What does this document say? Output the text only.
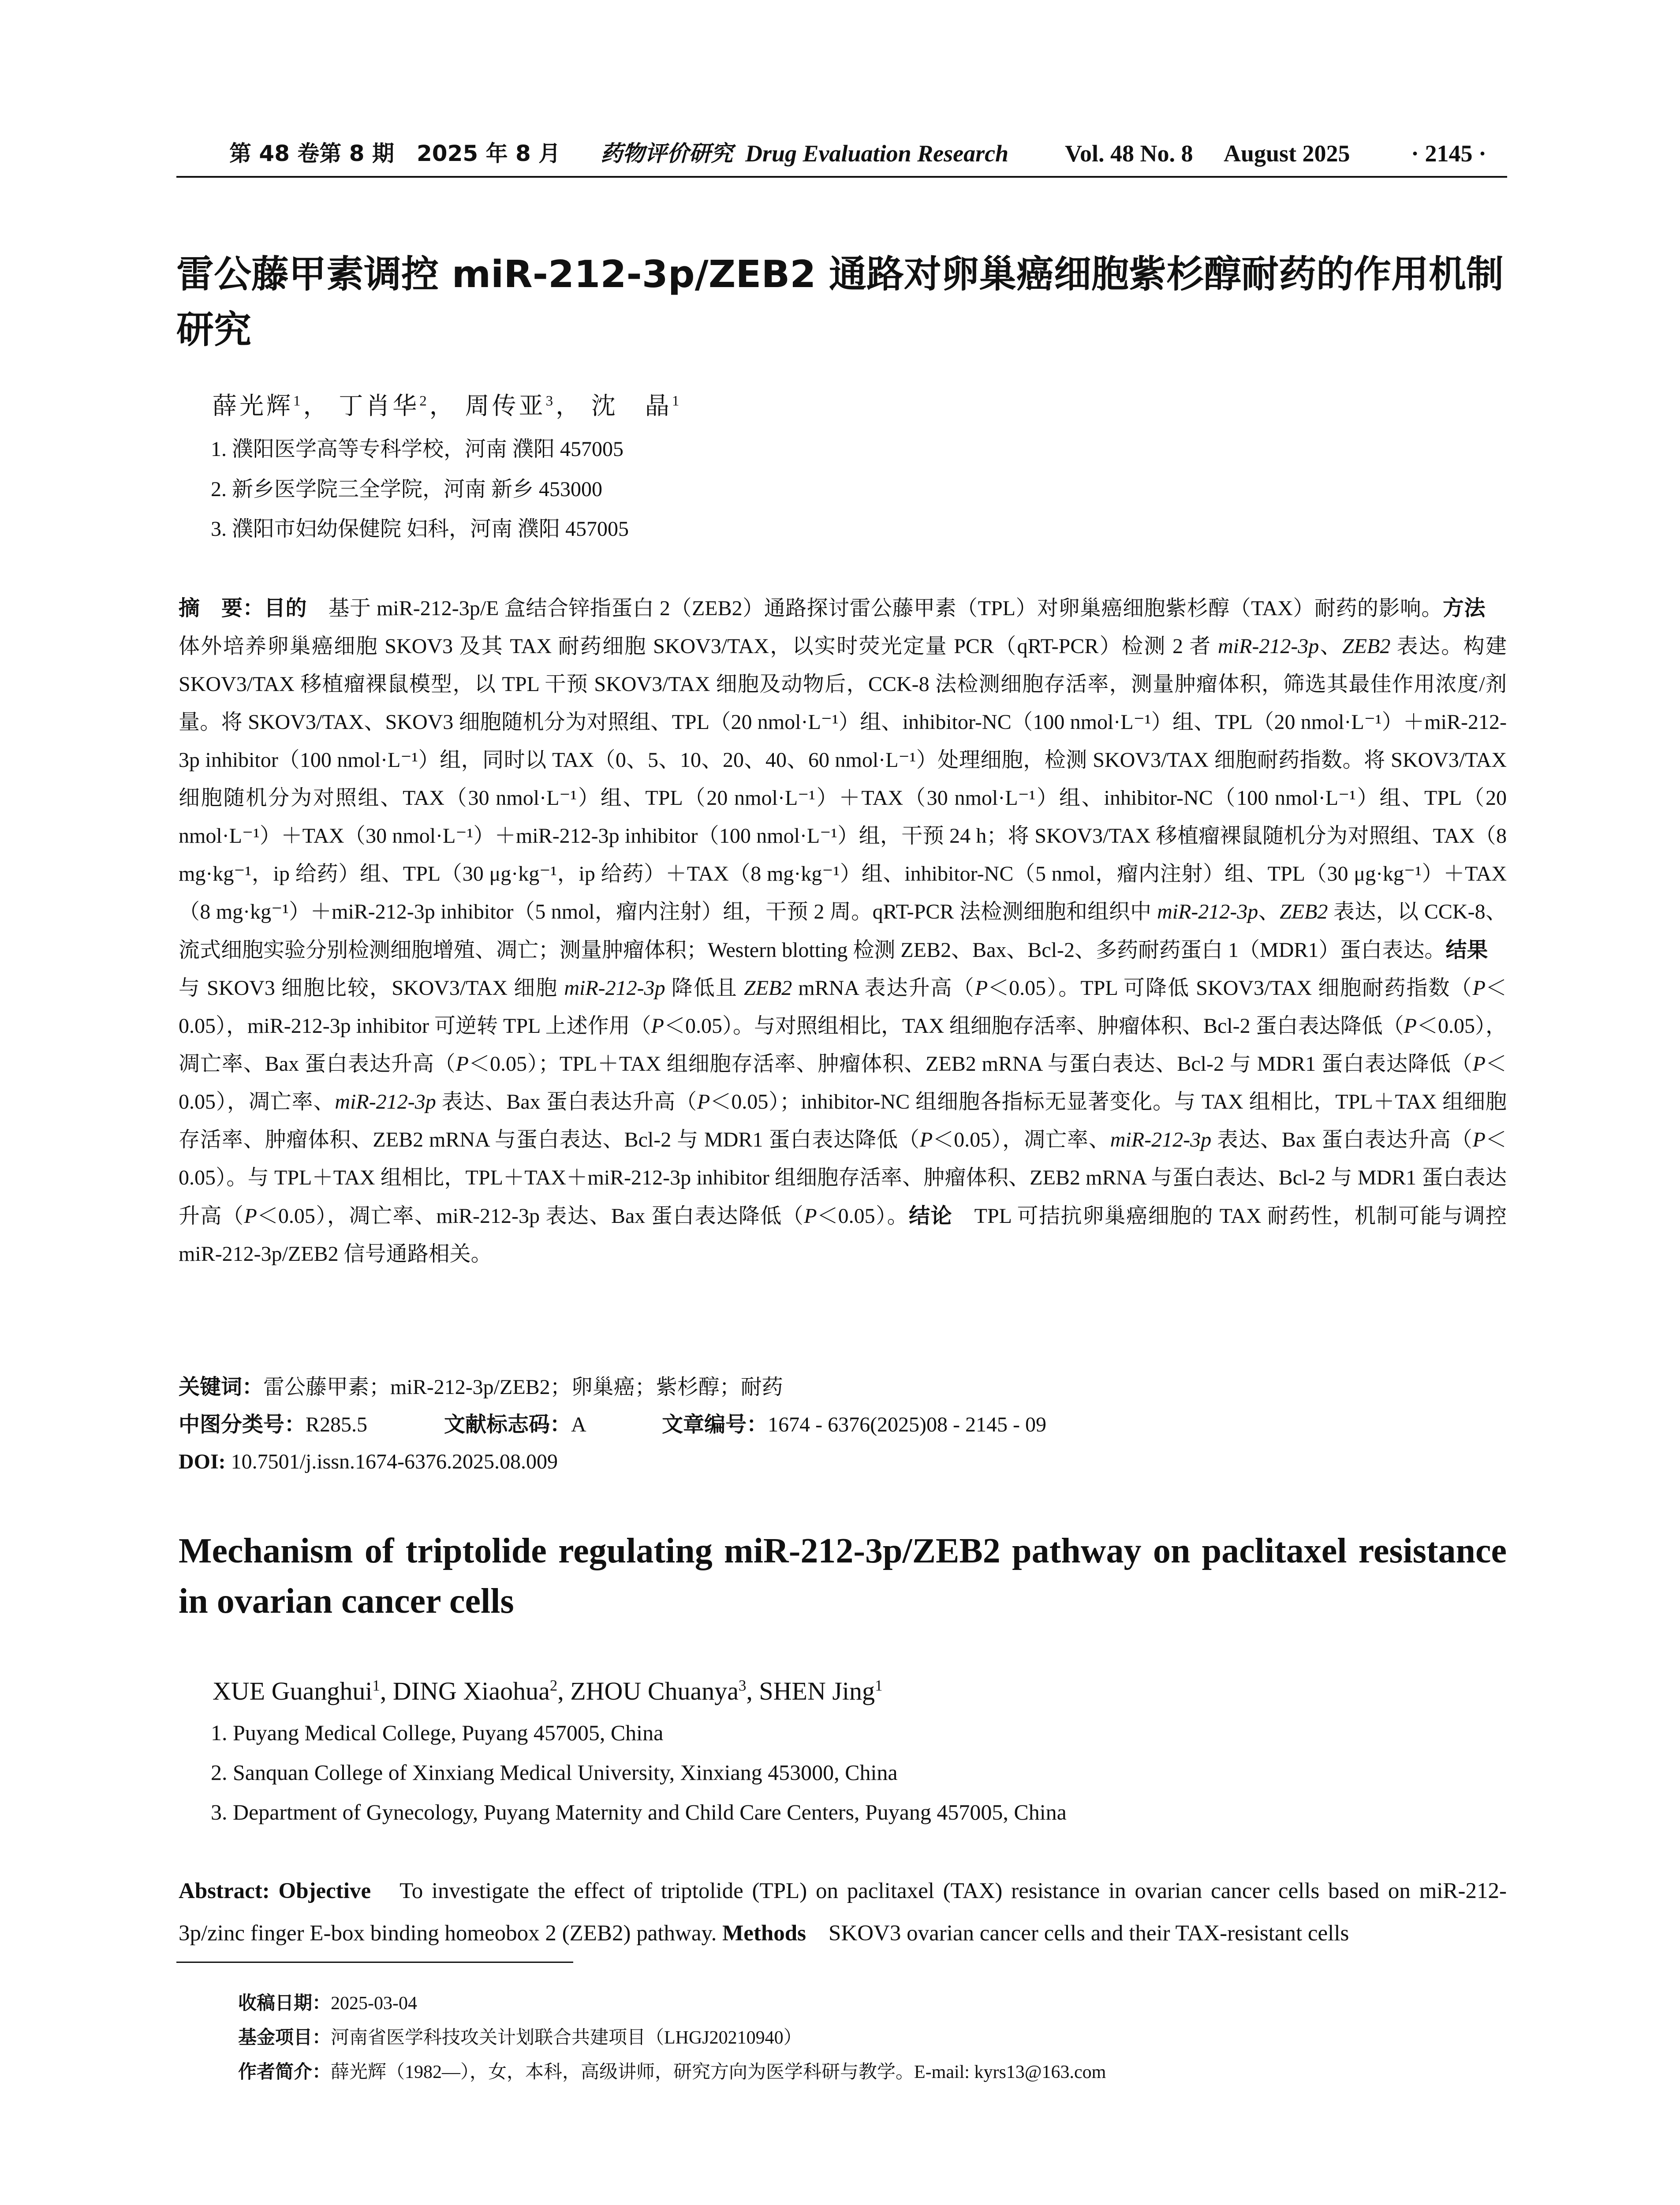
第 48 卷第 8 期 2025 年 8 月 药物评价研究 Drug Evaluation Research Vol. 48 No. 8 August 2025	· 2145 ·
雷公藤甲素调控 miR-212-3p/ZEB2 通路对卵巢癌细胞紫杉醇耐药的作用机制研究
薛光辉$^1$， 丁肖华$^2$， 周传亚$^3$， 沈　晶$^1$
1. 濮阳医学高等专科学校，河南 濮阳 457005
2. 新乡医学院三全学院，河南 新乡 453000
3. 濮阳市妇幼保健院 妇科，河南 濮阳 457005
摘　要：目的　基于 miR-212-3p/E 盒结合锌指蛋白 2（ZEB2）通路探讨雷公藤甲素（TPL）对卵巢癌细胞紫杉醇（TAX）耐药的影响。方法　体外培养卵巢癌细胞 SKOV3 及其 TAX 耐药细胞 SKOV3/TAX，以实时荧光定量 PCR（qRT-PCR）检测 2 者 miR-212-3p、ZEB2 表达。构建 SKOV3/TAX 移植瘤裸鼠模型，以 TPL 干预 SKOV3/TAX 细胞及动物后，CCK-8 法检测细胞存活率，测量肿瘤体积，筛选其最佳作用浓度/剂量。将 SKOV3/TAX、SKOV3 细胞随机分为对照组、TPL（20 nmol·L⁻¹）组、inhibitor-NC（100 nmol·L⁻¹）组、TPL（20 nmol·L⁻¹）＋miR-212-3p inhibitor（100 nmol·L⁻¹）组，同时以 TAX（0、5、10、20、40、60 nmol·L⁻¹）处理细胞，检测 SKOV3/TAX 细胞耐药指数。将 SKOV3/TAX 细胞随机分为对照组、TAX（30 nmol·L⁻¹）组、TPL（20 nmol·L⁻¹）＋TAX（30 nmol·L⁻¹）组、inhibitor-NC（100 nmol·L⁻¹）组、TPL（20 nmol·L⁻¹）＋TAX（30 nmol·L⁻¹）＋miR-212-3p inhibitor（100 nmol·L⁻¹）组，干预 24 h；将 SKOV3/TAX 移植瘤裸鼠随机分为对照组、TAX（8 mg·kg⁻¹，ip 给药）组、TPL（30 μg·kg⁻¹，ip 给药）＋TAX（8 mg·kg⁻¹）组、inhibitor-NC（5 nmol，瘤内注射）组、TPL（30 μg·kg⁻¹）＋TAX（8 mg·kg⁻¹）＋miR-212-3p inhibitor（5 nmol，瘤内注射）组，干预 2 周。qRT-PCR 法检测细胞和组织中 miR-212-3p、ZEB2 表达，以 CCK-8、流式细胞实验分别检测细胞增殖、凋亡；测量肿瘤体积；Western blotting 检测 ZEB2、Bax、Bcl-2、多药耐药蛋白 1（MDR1）蛋白表达。结果　与 SKOV3 细胞比较，SKOV3/TAX 细胞 miR-212-3p 降低且 ZEB2 mRNA 表达升高（P＜0.05）。TPL 可降低 SKOV3/TAX 细胞耐药指数（P＜0.05），miR-212-3p inhibitor 可逆转 TPL 上述作用（P＜0.05）。与对照组相比，TAX 组细胞存活率、肿瘤体积、Bcl-2 蛋白表达降低（P＜0.05），凋亡率、Bax 蛋白表达升高（P＜0.05）；TPL＋TAX 组细胞存活率、肿瘤体积、ZEB2 mRNA 与蛋白表达、Bcl-2 与 MDR1 蛋白表达降低（P＜0.05），凋亡率、miR-212-3p 表达、Bax 蛋白表达升高（P＜0.05）；inhibitor-NC 组细胞各指标无显著变化。与 TAX 组相比，TPL＋TAX 组细胞存活率、肿瘤体积、ZEB2 mRNA 与蛋白表达、Bcl-2 与 MDR1 蛋白表达降低（P＜0.05），凋亡率、miR-212-3p 表达、Bax 蛋白表达升高（P＜0.05）。与 TPL＋TAX 组相比，TPL＋TAX＋miR-212-3p inhibitor 组细胞存活率、肿瘤体积、ZEB2 mRNA 与蛋白表达、Bcl-2 与 MDR1 蛋白表达升高（P＜0.05），凋亡率、miR-212-3p 表达、Bax 蛋白表达降低（P＜0.05）。结论　TPL 可拮抗卵巢癌细胞的 TAX 耐药性，机制可能与调控 miR-212-3p/ZEB2 信号通路相关。
关键词：雷公藤甲素；miR-212-3p/ZEB2；卵巢癌；紫杉醇；耐药
中图分类号：R285.5	文献标志码：A	文章编号：1674 - 6376(2025)08 - 2145 - 09
DOI: 10.7501/j.issn.1674-6376.2025.08.009
Mechanism of triptolide regulating miR-212-3p/ZEB2 pathway on paclitaxel resistance in ovarian cancer cells
XUE Guanghui$^1$, DING Xiaohua$^2$, ZHOU Chuanya$^3$, SHEN Jing$^1$
1. Puyang Medical College, Puyang 457005, China
2. Sanquan College of Xinxiang Medical University, Xinxiang 453000, China
3. Department of Gynecology, Puyang Maternity and Child Care Centers, Puyang 457005, China
Abstract: Objective　To investigate the effect of triptolide (TPL) on paclitaxel (TAX) resistance in ovarian cancer cells based on miR-212-3p/zinc finger E-box binding homeobox 2 (ZEB2) pathway. Methods　SKOV3 ovarian cancer cells and their TAX-resistant cells
收稿日期：2025-03-04
基金项目：河南省医学科技攻关计划联合共建项目（LHGJ20210940）
作者简介：薛光辉（1982—），女，本科，高级讲师，研究方向为医学科研与教学。E-mail: kyrs13@163.com
